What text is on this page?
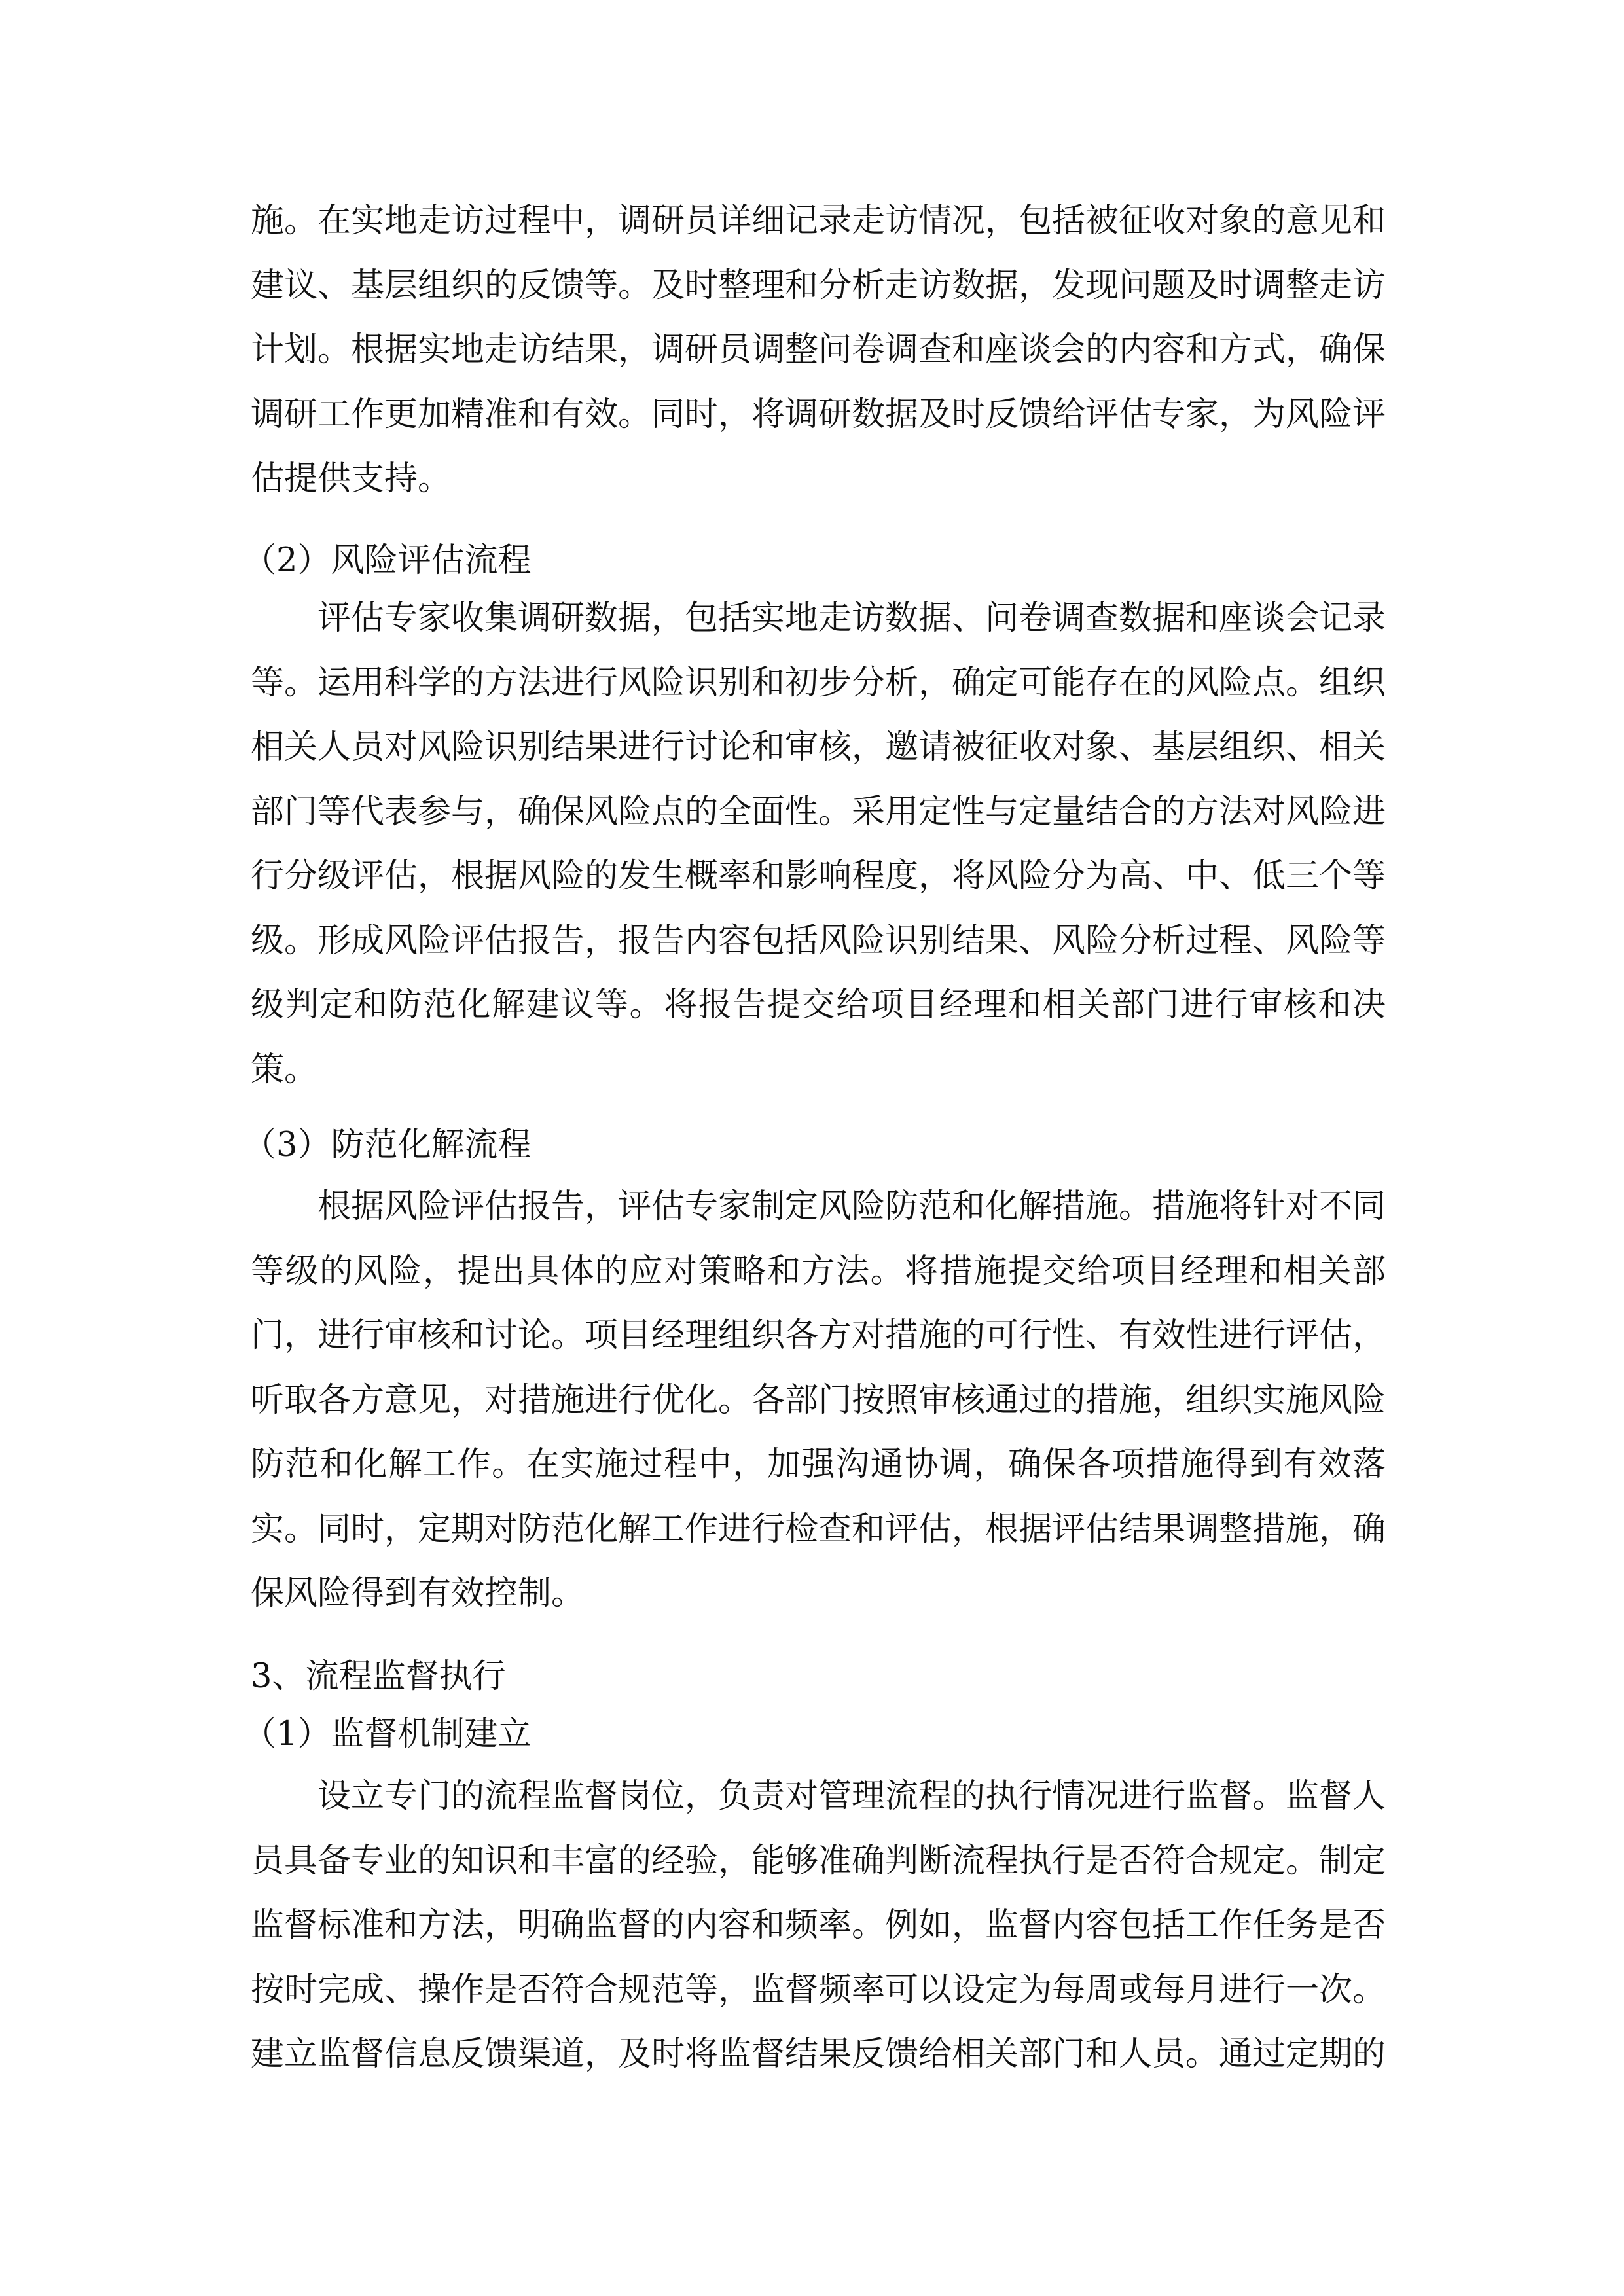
施。在实地走访过程中，调研员详细记录走访情况，包括被征收对象的意见和
建议、基层组织的反馈等。及时整理和分析走访数据，发现问题及时调整走访
计划。根据实地走访结果，调研员调整问卷调查和座谈会的内容和方式，确保
调研工作更加精准和有效。同时，将调研数据及时反馈给评估专家，为风险评
估提供支持。
（2）风险评估流程
评估专家收集调研数据，包括实地走访数据、问卷调查数据和座谈会记录
等。运用科学的方法进行风险识别和初步分析，确定可能存在的风险点。组织
相关人员对风险识别结果进行讨论和审核，邀请被征收对象、基层组织、相关
部门等代表参与，确保风险点的全面性。采用定性与定量结合的方法对风险进
行分级评估，根据风险的发生概率和影响程度，将风险分为高、中、低三个等
级。形成风险评估报告，报告内容包括风险识别结果、风险分析过程、风险等
级判定和防范化解建议等。将报告提交给项目经理和相关部门进行审核和决
策。
（3）防范化解流程
根据风险评估报告，评估专家制定风险防范和化解措施。措施将针对不同
等级的风险，提出具体的应对策略和方法。将措施提交给项目经理和相关部
门，进行审核和讨论。项目经理组织各方对措施的可行性、有效性进行评估，
听取各方意见，对措施进行优化。各部门按照审核通过的措施，组织实施风险
防范和化解工作。在实施过程中，加强沟通协调，确保各项措施得到有效落
实。同时，定期对防范化解工作进行检查和评估，根据评估结果调整措施，确
保风险得到有效控制。
3、流程监督执行
（1）监督机制建立
设立专门的流程监督岗位，负责对管理流程的执行情况进行监督。监督人
员具备专业的知识和丰富的经验，能够准确判断流程执行是否符合规定。制定
监督标准和方法，明确监督的内容和频率。例如，监督内容包括工作任务是否
按时完成、操作是否符合规范等，监督频率可以设定为每周或每月进行一次。
建立监督信息反馈渠道，及时将监督结果反馈给相关部门和人员。通过定期的
